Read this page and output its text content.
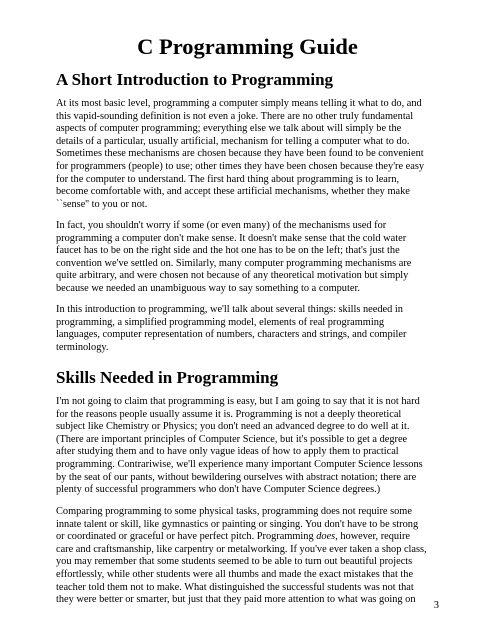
C Programming Guide
A Short Introduction to Programming

At its most basic level, programming a computer simply means telling it what to do, and
this vapid-sounding definition is not even a joke. There are no other truly fundamental
aspects of computer programming; everything else we talk about will simply be the
details of a particular, usually artificial, mechanism for telling a computer what to do.
Sometimes these mechanisms are chosen because they have been found to be convenient
for programmers (people) to use; other times they have been chosen because they're easy
for the computer to understand. The first hard thing about programming is to learn,
become comfortable with, and accept these artificial mechanisms, whether they make
``sense'' to you or not.

In fact, you shouldn't worry if some (or even many) of the mechanisms used for
programming a computer don't make sense. It doesn't make sense that the cold water
faucet has to be on the right side and the hot one has to be on the left; that's just the
convention we've settled on. Similarly, many computer programming mechanisms are
quite arbitrary, and were chosen not because of any theoretical motivation but simply
because we needed an unambiguous way to say something to a computer.

In this introduction to programming, we'll talk about several things: skills needed in
programming, a simplified programming model, elements of real programming
languages, computer representation of numbers, characters and strings, and compiler
terminology.

Skills Needed in Programming

I'm not going to claim that programming is easy, but I am going to say that it is not hard
for the reasons people usually assume it is. Programming is not a deeply theoretical
subject like Chemistry or Physics; you don't need an advanced degree to do well at it.
(There are important principles of Computer Science, but it's possible to get a degree
after studying them and to have only vague ideas of how to apply them to practical
programming. Contrariwise, we'll experience many important Computer Science lessons
by the seat of our pants, without bewildering ourselves with abstract notation; there are
plenty of successful programmers who don't have Computer Science degrees.)

Comparing programming to some physical tasks, programming does not require some
innate talent or skill, like gymnastics or painting or singing. You don't have to be strong
or coordinated or graceful or have perfect pitch. Programming does, however, require
care and craftsmanship, like carpentry or metalworking. If you've ever taken a shop class,
you may remember that some students seemed to be able to turn out beautiful projects
effortlessly, while other students were all thumbs and made the exact mistakes that the
teacher told them not to make. What distinguished the successful students was not that
they were better or smarter, but just that they paid more attention to what was going on

3
